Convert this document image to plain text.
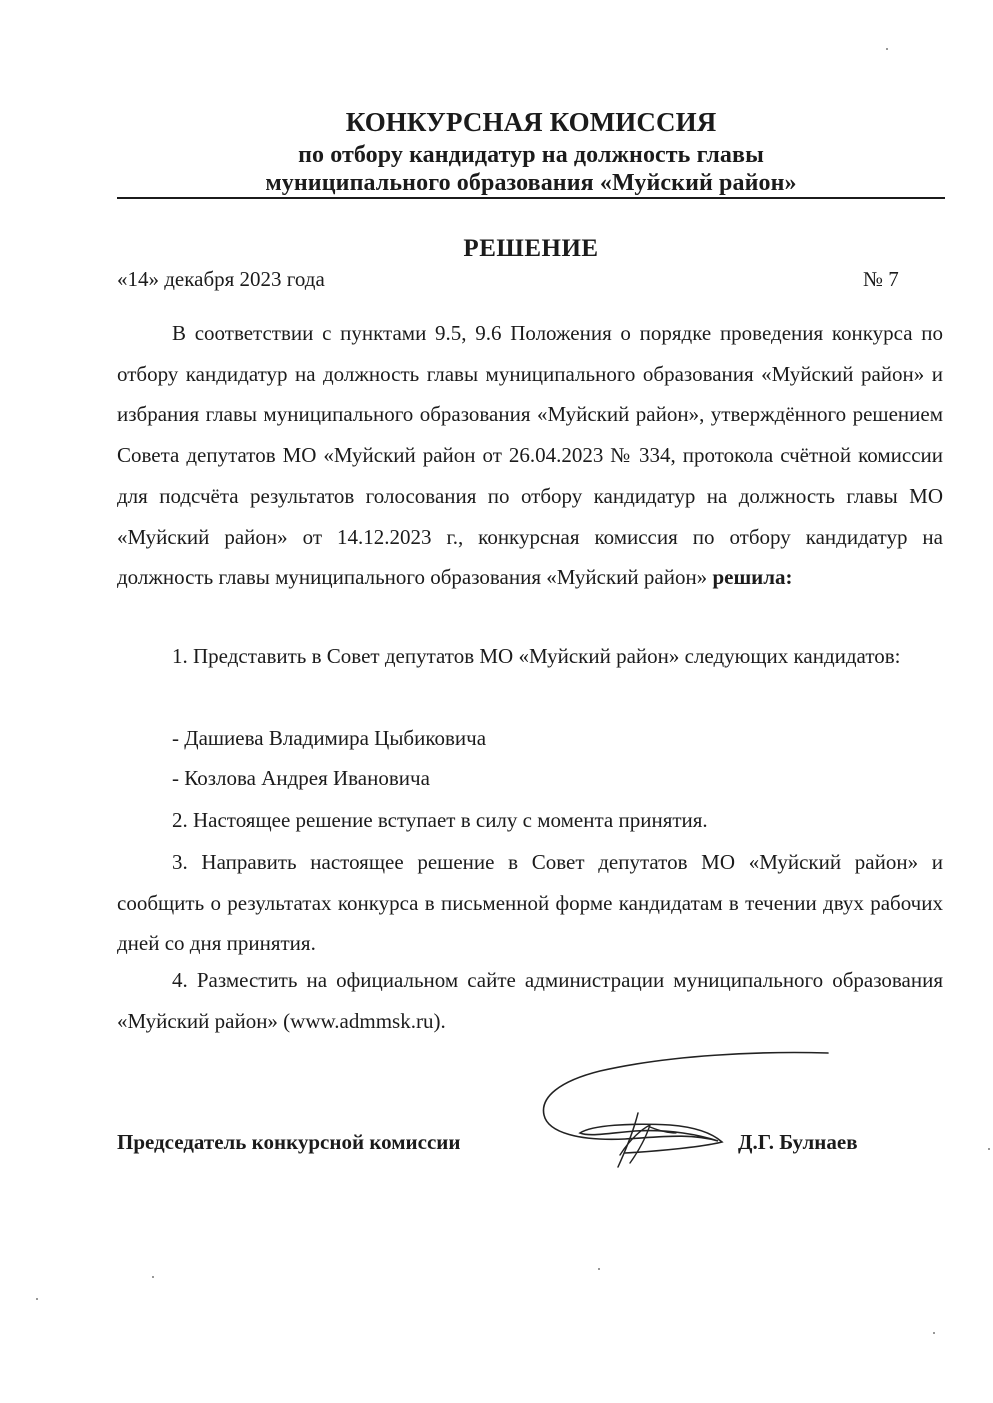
КОНКУРСНАЯ КОМИССИЯ
по отбору кандидатур на должность главы
муниципального образования «Муйский район»
РЕШЕНИЕ
«14» декабря 2023 года	№ 7
В соответствии с пунктами 9.5, 9.6 Положения о порядке проведения конкурса по отбору кандидатур на должность главы муниципального образования «Муйский район» и избрания главы муниципального образования «Муйский район», утверждённого решением Совета депутатов МО «Муйский район от 26.04.2023 № 334, протокола счётной комиссии для подсчёта результатов голосования по отбору кандидатур на должность главы МО «Муйский район» от 14.12.2023 г., конкурсная комиссия по отбору кандидатур на должность главы муниципального образования «Муйский район» решила:
1. Представить в Совет депутатов МО «Муйский район» следующих кандидатов:
- Дашиева Владимира Цыбиковича
- Козлова Андрея Ивановича
2. Настоящее решение вступает в силу с момента принятия.
3. Направить настоящее решение в Совет депутатов МО «Муйский район» и сообщить о результатах конкурса в письменной форме кандидатам в течении двух рабочих дней со дня принятия.
4. Разместить на официальном сайте администрации муниципального образования «Муйский район» (www.admmsk.ru).
Председатель конкурсной комиссии	Д.Г. Булнаев
